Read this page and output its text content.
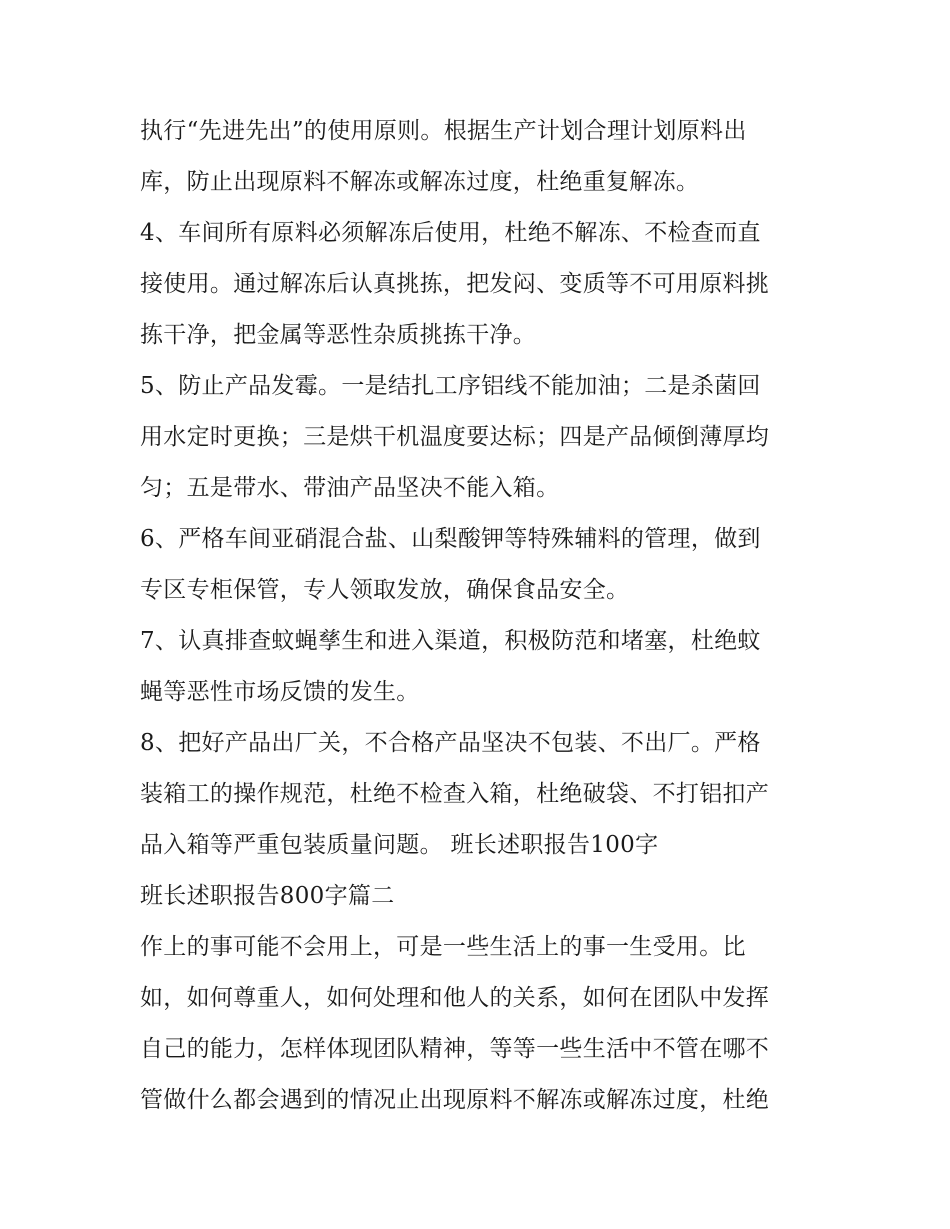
执行“先进先出”的使用原则。根据生产计划合理计划原料出
库，防止出现原料不解冻或解冻过度，杜绝重复解冻。
4、车间所有原料必须解冻后使用，杜绝不解冻、不检查而直
接使用。通过解冻后认真挑拣，把发闷、变质等不可用原料挑
拣干净，把金属等恶性杂质挑拣干净。
5、防止产品发霉。一是结扎工序铝线不能加油；二是杀菌回
用水定时更换；三是烘干机温度要达标；四是产品倾倒薄厚均
匀；五是带水、带油产品坚决不能入箱。
6、严格车间亚硝混合盐、山梨酸钾等特殊辅料的管理，做到
专区专柜保管，专人领取发放，确保食品安全。
7、认真排查蚊蝇孳生和进入渠道，积极防范和堵塞，杜绝蚊
蝇等恶性市场反馈的发生。
8、把好产品出厂关，不合格产品坚决不包装、不出厂。严格
装箱工的操作规范，杜绝不检查入箱，杜绝破袋、不打铝扣产
品入箱等严重包装质量问题。 班长述职报告100字
班长述职报告800字篇二
作上的事可能不会用上，可是一些生活上的事一生受用。比
如，如何尊重人，如何处理和他人的关系，如何在团队中发挥
自己的能力，怎样体现团队精神，等等一些生活中不管在哪不
管做什么都会遇到的情况止出现原料不解冻或解冻过度，杜绝
